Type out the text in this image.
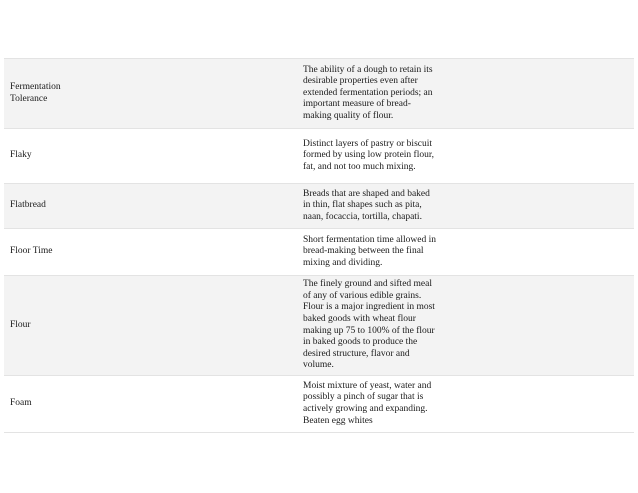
Fermentation Tolerance	The ability of a dough to retain its desirable properties even after extended fermentation periods; an important measure of bread-making quality of flour.

Flaky	Distinct layers of pastry or biscuit formed by using low protein flour, fat, and not too much mixing.

Flatbread	Breads that are shaped and baked in thin, flat shapes such as pita, naan, focaccia, tortilla, chapati.

Floor Time	Short fermentation time allowed in bread-making between the final mixing and dividing.

Flour	The finely ground and sifted meal of any of various edible grains. Flour is a major ingredient in most baked goods with wheat flour making up 75 to 100% of the flour in baked goods to produce the desired structure, flavor and volume.

Foam	Moist mixture of yeast, water and possibly a pinch of sugar that is actively growing and expanding. Beaten egg whites
